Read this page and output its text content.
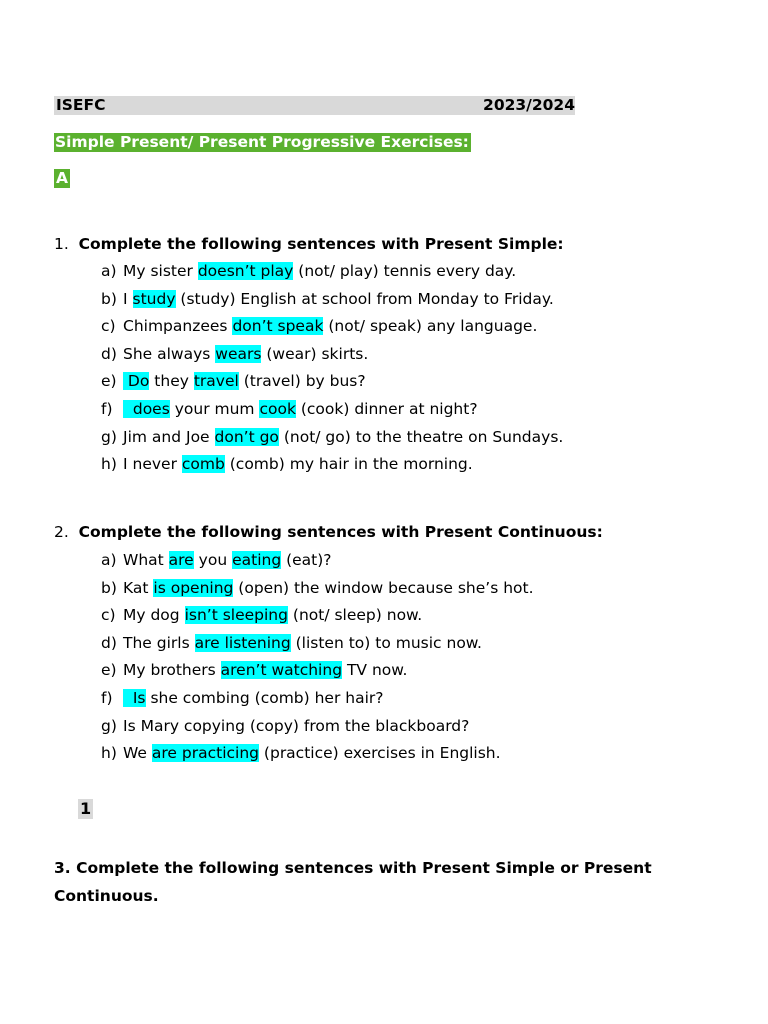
ISEFC	2023/2024
Simple Present/ Present Progressive Exercises:
A
1.  Complete the following sentences with Present Simple:
a) My sister doesn’t play (not/ play) tennis every day.
b) I study (study) English at school from Monday to Friday.
c) Chimpanzees don’t speak (not/ speak) any language.
d) She always wears (wear) skirts.
e) Do they travel (travel) by bus?
f)  does your mum cook (cook) dinner at night?
g) Jim and Joe don’t go (not/ go) to the theatre on Sundays.
h) I never comb (comb) my hair in the morning.
2.  Complete the following sentences with Present Continuous:
a) What are you eating (eat)?
b) Kat is opening (open) the window because she’s hot.
c) My dog isn’t sleeping (not/ sleep) now.
d) The girls are listening (listen to) to music now.
e) My brothers aren’t watching TV now.
f)  Is she combing (comb) her hair?
g) Is Mary copying (copy) from the blackboard?
h) We are practicing (practice) exercises in English.
1
3. Complete the following sentences with Present Simple or Present Continuous.
